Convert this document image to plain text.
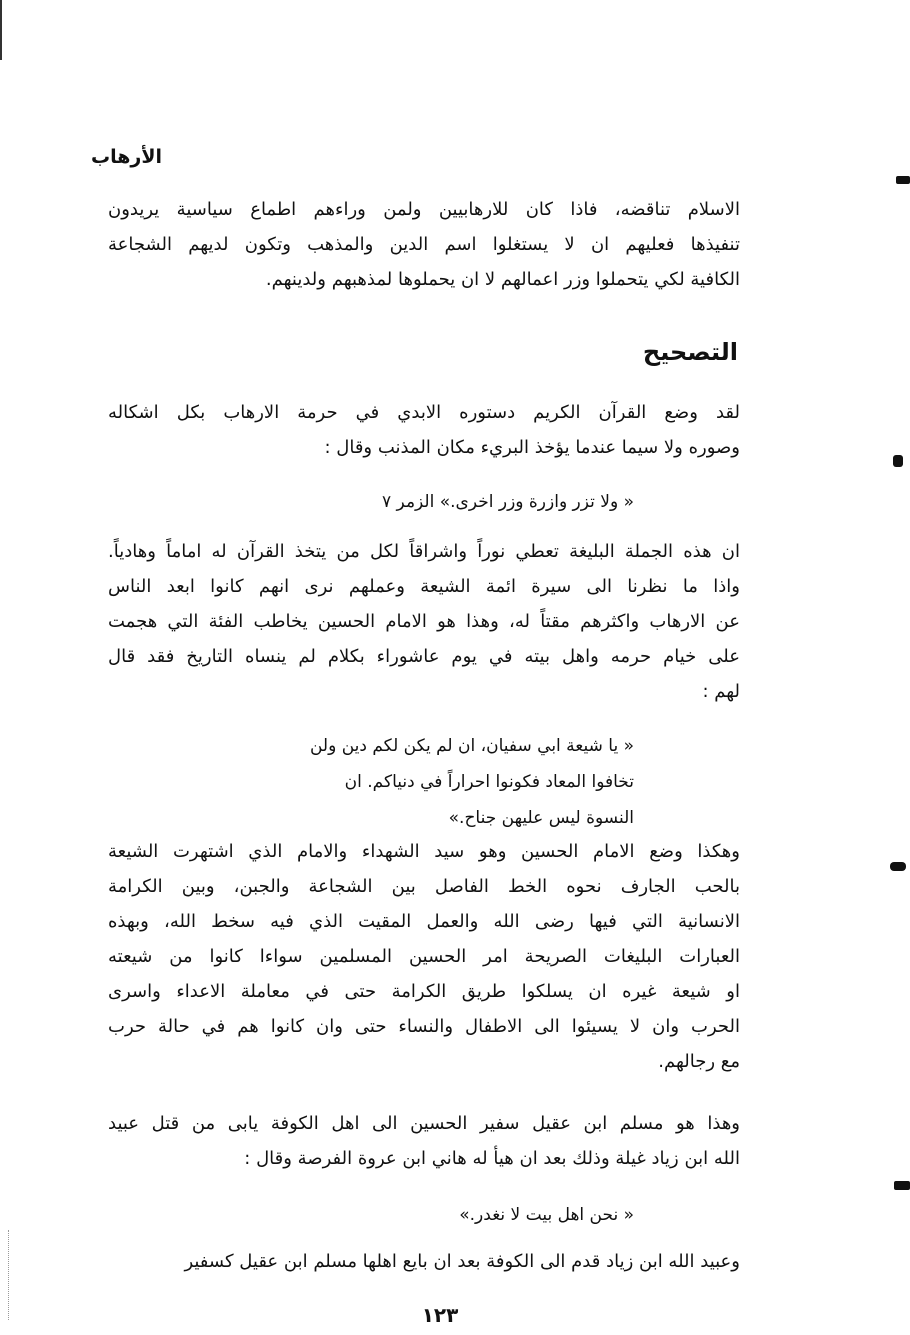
الأرهاب
الاسلام تناقضه، فاذا كان للارهابيين ولمن وراءهم اطماع سياسية يريدون
تنفيذها فعليهم ان لا يستغلوا اسم الدين والمذهب وتكون لديهم الشجاعة
الكافية لكي يتحملوا وزر اعمالهم لا ان يحملوها لمذهبهم ولدينهم.
التصحيح
لقد وضع القرآن الكريم دستوره الابدي في حرمة الارهاب بكل اشكاله
وصوره ولا سيما عندما يؤخذ البريء مكان المذنب وقال :
« ولا تزر وازرة وزر اخرى.» الزمر ٧
ان هذه الجملة البليغة تعطي نوراً واشراقاً لكل من يتخذ القرآن له اماماً وهادياً.
واذا ما نظرنا الى سيرة ائمة الشيعة وعملهم نرى انهم كانوا ابعد الناس
عن الارهاب واكثرهم مقتاً له، وهذا هو الامام الحسين يخاطب الفئة التي هجمت
على خيام حرمه واهل بيته في يوم عاشوراء بكلام لم ينساه التاريخ فقد قال
لهم :
« يا شيعة ابي سفيان، ان لم يكن لكم دين ولن
تخافوا المعاد فكونوا احراراً في دنياكم. ان
النسوة ليس عليهن جناح.»
وهكذا وضع الامام الحسين وهو سيد الشهداء والامام الذي اشتهرت الشيعة
بالحب الجارف نحوه الخط الفاصل بين الشجاعة والجبن، وبين الكرامة
الانسانية التي فيها رضى الله والعمل المقيت الذي فيه سخط الله، وبهذه
العبارات البليغات الصريحة امر الحسين المسلمين سواءا كانوا من شيعته
او شيعة غيره ان يسلكوا طريق الكرامة حتى في معاملة الاعداء واسرى
الحرب وان لا يسيئوا الى الاطفال والنساء حتى وان كانوا هم في حالة حرب
مع رجالهم.
وهذا هو مسلم ابن عقيل سفير الحسين الى اهل الكوفة يابى من قتل عبيد
الله ابن زياد غيلة وذلك بعد ان هيأ له هاني ابن عروة الفرصة وقال :
« نحن اهل بيت لا نغدر.»
وعبيد الله ابن زياد قدم الى الكوفة بعد ان بايع اهلها مسلم ابن عقيل كسفير
١٢٣
